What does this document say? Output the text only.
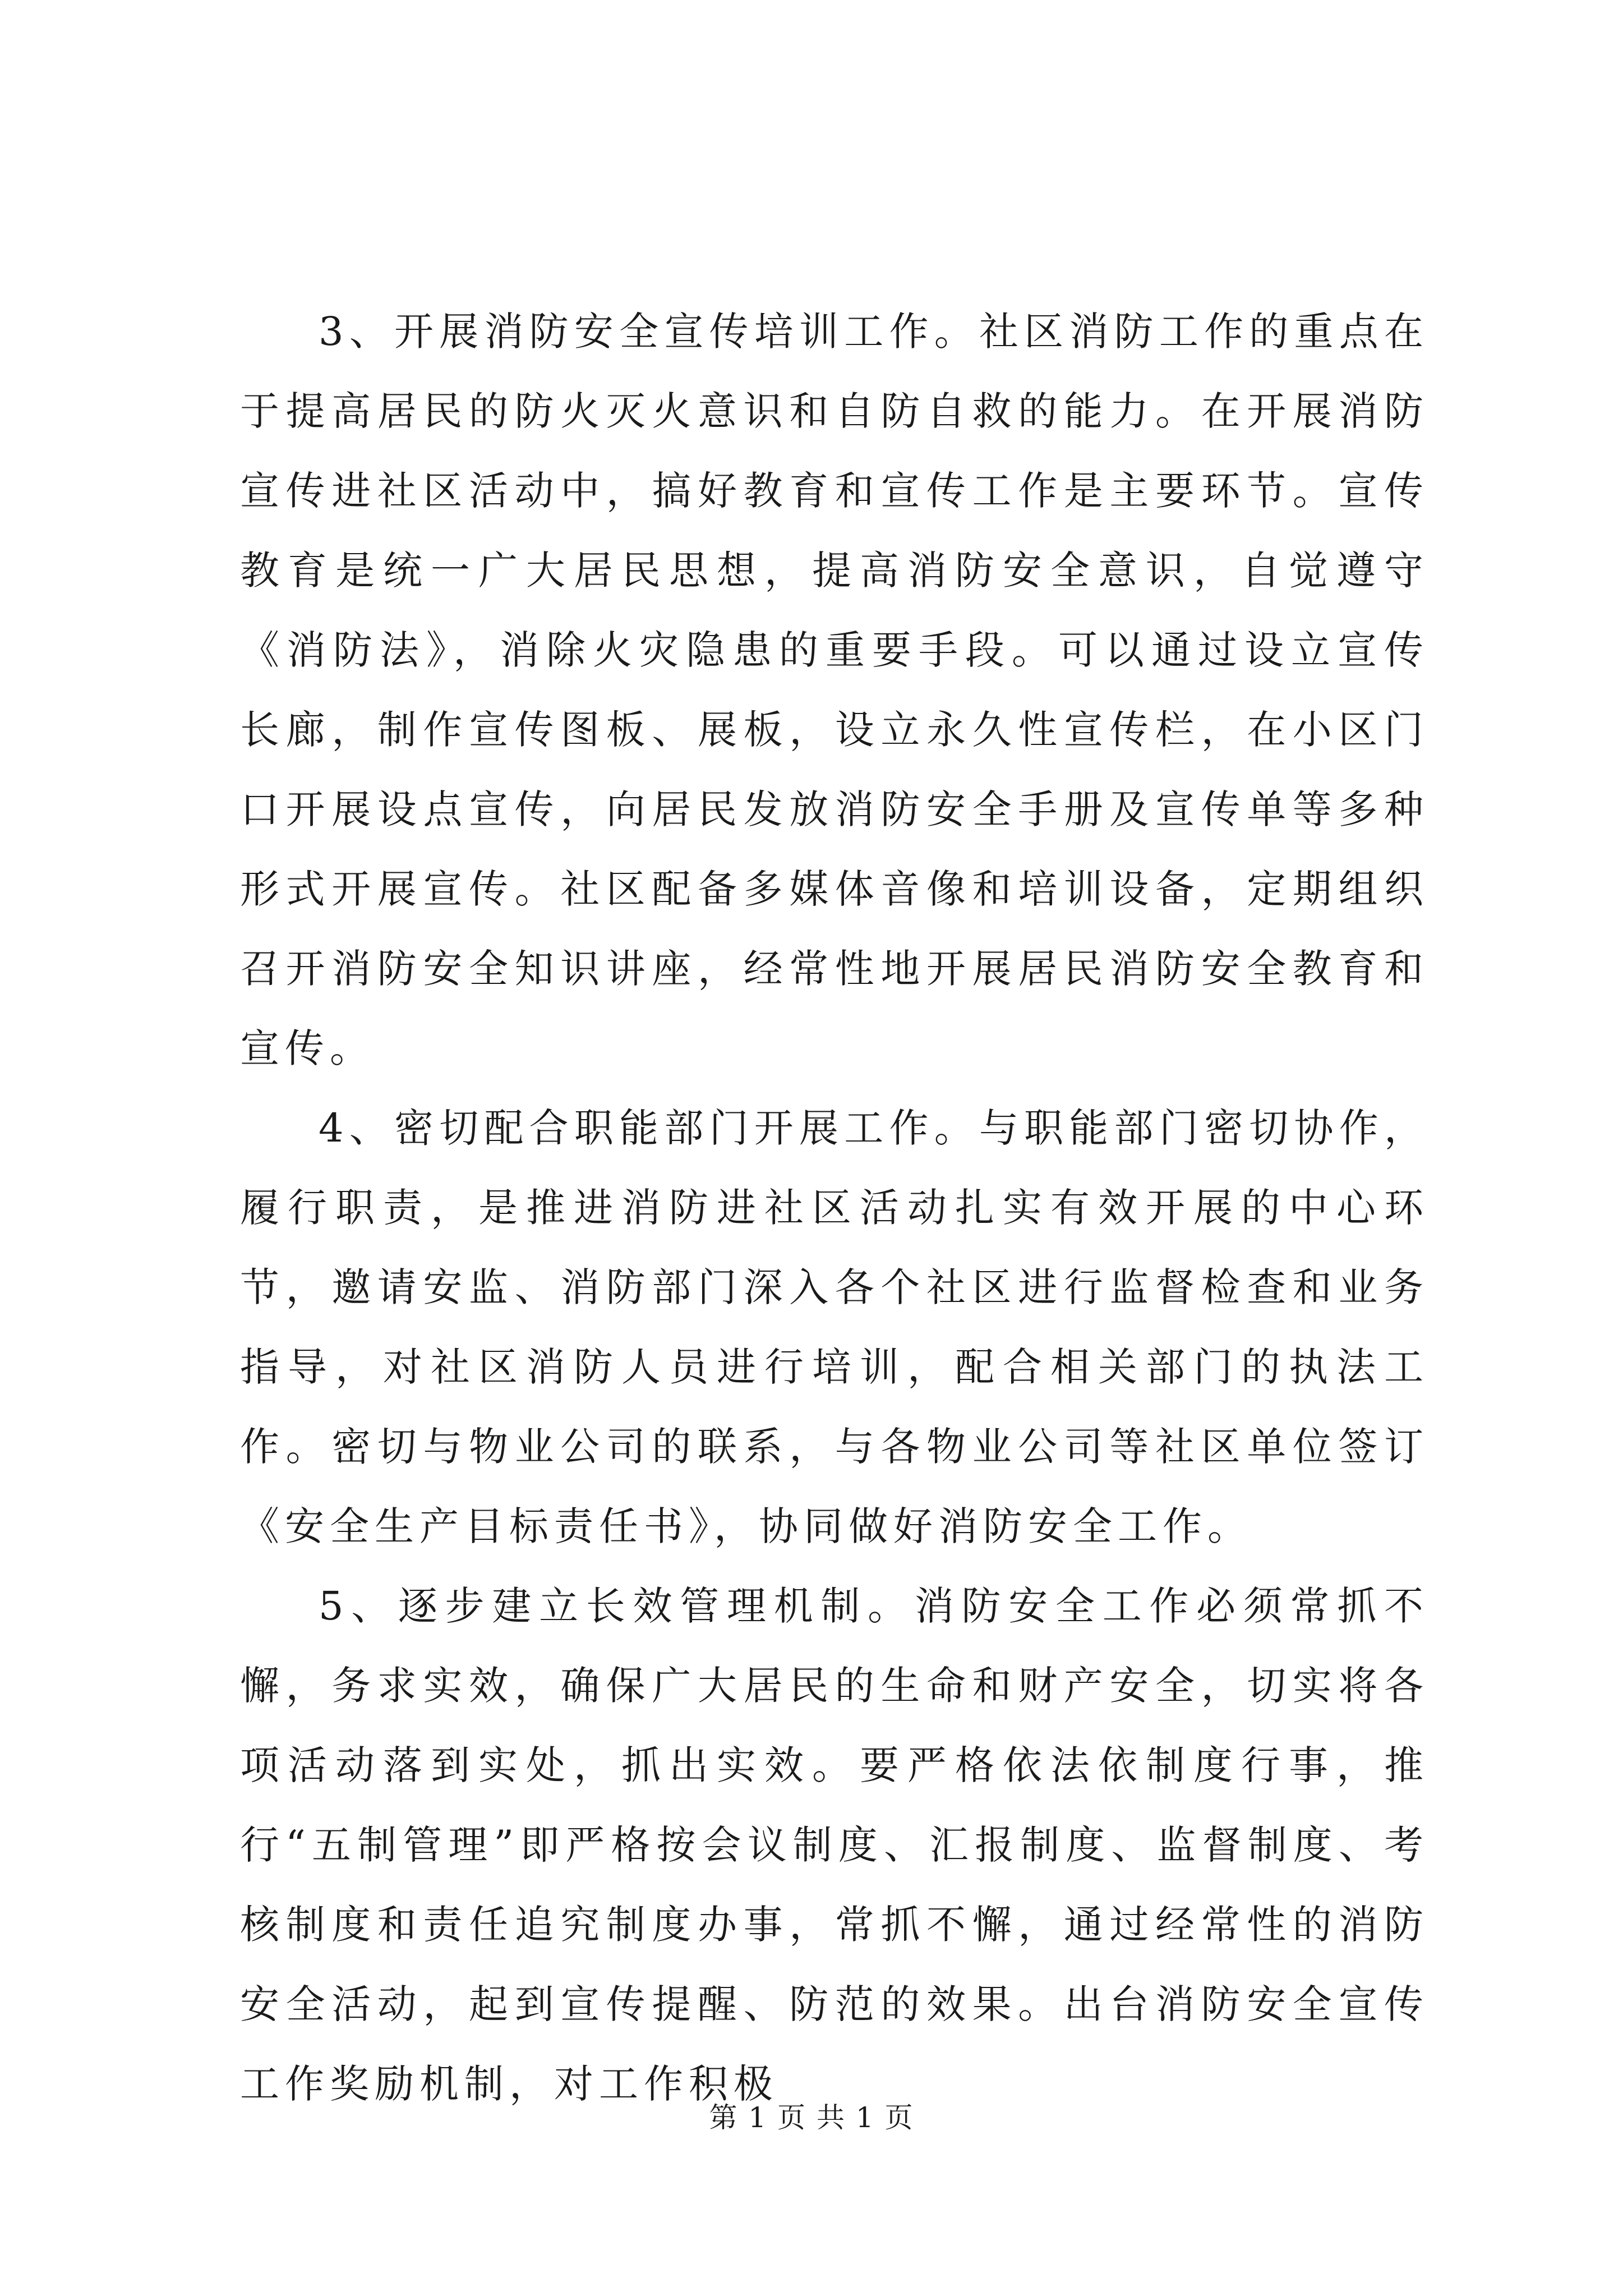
3、开展消防安全宣传培训工作。社区消防工作的重点在于提高居民的防火灭火意识和自防自救的能力。在开展消防宣传进社区活动中，搞好教育和宣传工作是主要环节。宣传教育是统一广大居民思想，提高消防安全意识，自觉遵守《消防法》，消除火灾隐患的重要手段。可以通过设立宣传长廊，制作宣传图板、展板，设立永久性宣传栏，在小区门口开展设点宣传，向居民发放消防安全手册及宣传单等多种形式开展宣传。社区配备多媒体音像和培训设备，定期组织召开消防安全知识讲座，经常性地开展居民消防安全教育和宣传。

4、密切配合职能部门开展工作。与职能部门密切协作，履行职责，是推进消防进社区活动扎实有效开展的中心环节，邀请安监、消防部门深入各个社区进行监督检查和业务指导，对社区消防人员进行培训，配合相关部门的执法工作。密切与物业公司的联系，与各物业公司等社区单位签订《安全生产目标责任书》，协同做好消防安全工作。

5、逐步建立长效管理机制。消防安全工作必须常抓不懈，务求实效，确保广大居民的生命和财产安全，切实将各项活动落到实处，抓出实效。要严格依法依制度行事，推行“五制管理”即严格按会议制度、汇报制度、监督制度、考核制度和责任追究制度办事，常抓不懈，通过经常性的消防安全活动，起到宣传提醒、防范的效果。出台消防安全宣传工作奖励机制，对工作积极

第 1 页 共 1 页
